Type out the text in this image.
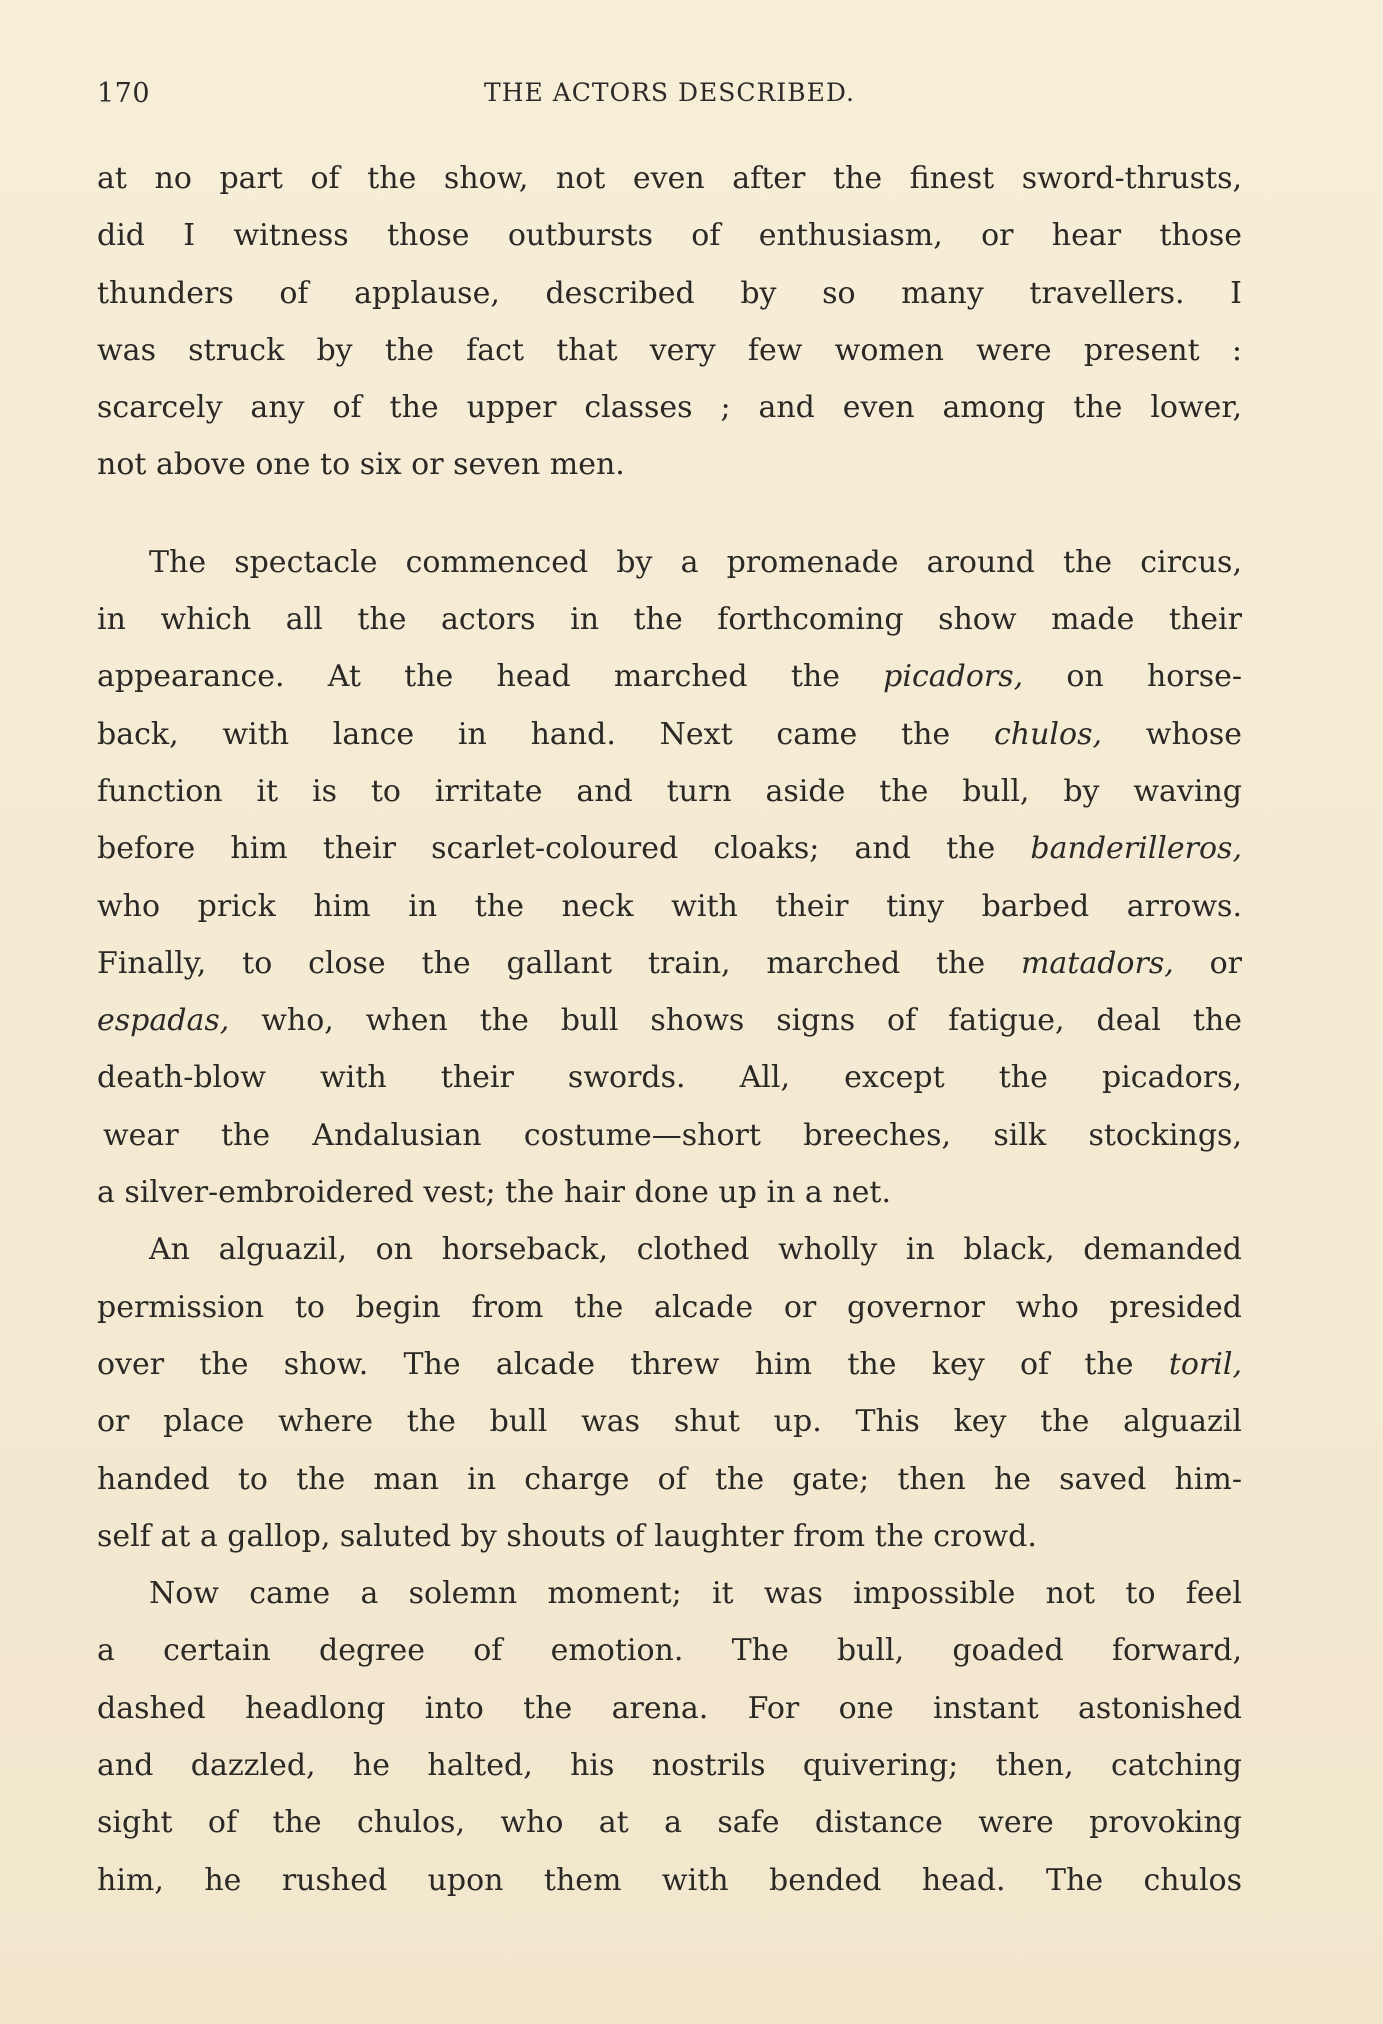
170	THE ACTORS DESCRIBED.
at no part of the show, not even after the finest sword-thrusts,
did I witness those outbursts of enthusiasm, or hear those
thunders of applause, described by so many travellers. I
was struck by the fact that very few women were present :
scarcely any of the upper classes ; and even among the lower,
not above one to six or seven men.
The spectacle commenced by a promenade around the circus,
in which all the actors in the forthcoming show made their
appearance. At the head marched the picadors, on horse-
back, with lance in hand. Next came the chulos, whose
function it is to irritate and turn aside the bull, by waving
before him their scarlet-coloured cloaks; and the banderilleros,
who prick him in the neck with their tiny barbed arrows.
Finally, to close the gallant train, marched the matadors, or
espadas, who, when the bull shows signs of fatigue, deal the
death-blow with their swords. All, except the picadors,
wear the Andalusian costume—short breeches, silk stockings,
a silver-embroidered vest; the hair done up in a net.
An alguazil, on horseback, clothed wholly in black, demanded
permission to begin from the alcade or governor who presided
over the show. The alcade threw him the key of the toril,
or place where the bull was shut up. This key the alguazil
handed to the man in charge of the gate; then he saved him-
self at a gallop, saluted by shouts of laughter from the crowd.
Now came a solemn moment; it was impossible not to feel
a certain degree of emotion. The bull, goaded forward,
dashed headlong into the arena. For one instant astonished
and dazzled, he halted, his nostrils quivering; then, catching
sight of the chulos, who at a safe distance were provoking
him, he rushed upon them with bended head. The chulos
